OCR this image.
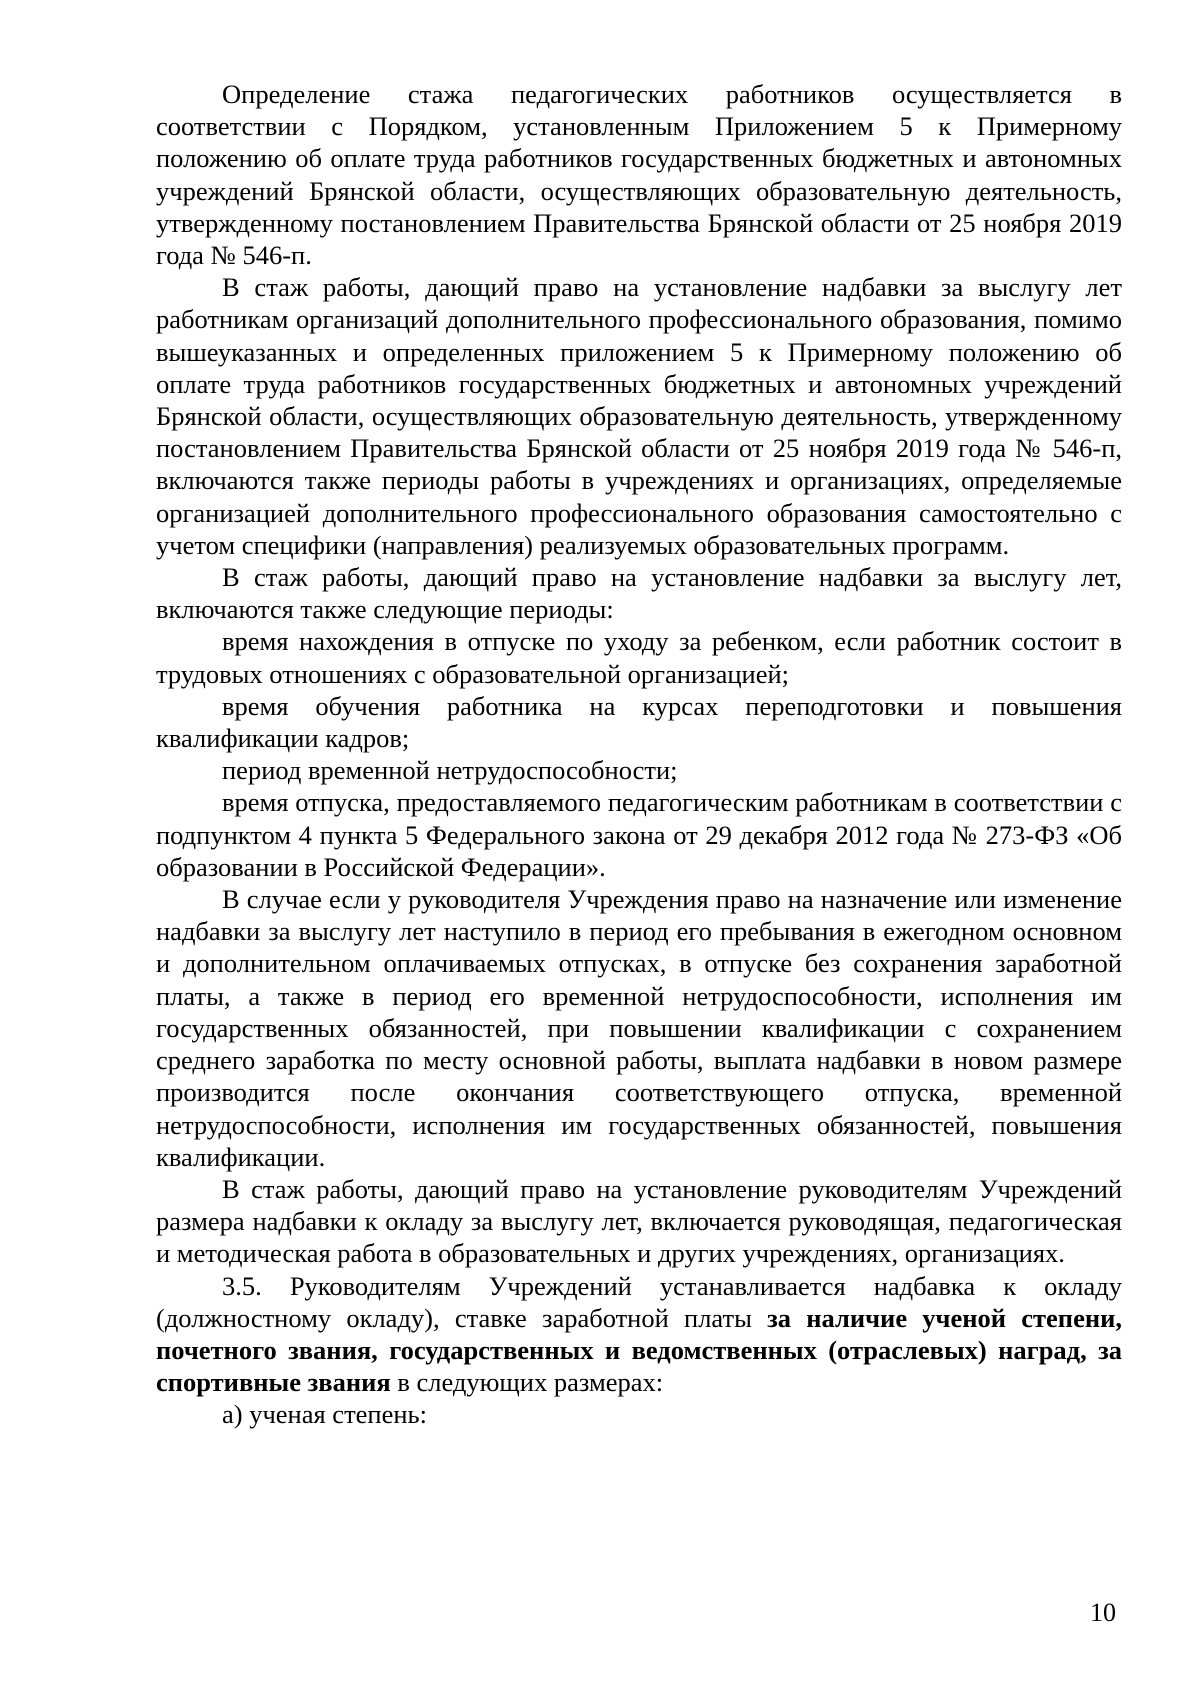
Определение стажа педагогических работников осуществляется в соответствии с Порядком, установленным Приложением 5 к Примерному положению об оплате труда работников государственных бюджетных и автономных учреждений Брянской области, осуществляющих образовательную деятельность, утвержденному постановлением Правительства Брянской области от 25 ноября 2019 года № 546-п.

В стаж работы, дающий право на установление надбавки за выслугу лет работникам организаций дополнительного профессионального образования, помимо вышеуказанных и определенных приложением 5 к Примерному положению об оплате труда работников государственных бюджетных и автономных учреждений Брянской области, осуществляющих образовательную деятельность, утвержденному постановлением Правительства Брянской области от 25 ноября 2019 года № 546-п, включаются также периоды работы в учреждениях и организациях, определяемые организацией дополнительного профессионального образования самостоятельно с учетом специфики (направления) реализуемых образовательных программ.

В стаж работы, дающий право на установление надбавки за выслугу лет, включаются также следующие периоды:

время нахождения в отпуске по уходу за ребенком, если работник состоит в трудовых отношениях с образовательной организацией;

время обучения работника на курсах переподготовки и повышения квалификации кадров;

период временной нетрудоспособности;

время отпуска, предоставляемого педагогическим работникам в соответствии с подпунктом 4 пункта 5 Федерального закона от 29 декабря 2012 года № 273-ФЗ «Об образовании в Российской Федерации».

В случае если у руководителя Учреждения право на назначение или изменение надбавки за выслугу лет наступило в период его пребывания в ежегодном основном и дополнительном оплачиваемых отпусках, в отпуске без сохранения заработной платы, а также в период его временной нетрудоспособности, исполнения им государственных обязанностей, при повышении квалификации с сохранением среднего заработка по месту основной работы, выплата надбавки в новом размере производится после окончания соответствующего отпуска, временной нетрудоспособности, исполнения им государственных обязанностей, повышения квалификации.

В стаж работы, дающий право на установление руководителям Учреждений размера надбавки к окладу за выслугу лет, включается руководящая, педагогическая и методическая работа в образовательных и других учреждениях, организациях.

3.5. Руководителям Учреждений устанавливается надбавка к окладу (должностному окладу), ставке заработной платы за наличие ученой степени, почетного звания, государственных и ведомственных (отраслевых) наград, за спортивные звания в следующих размерах:

а) ученая степень:

10
